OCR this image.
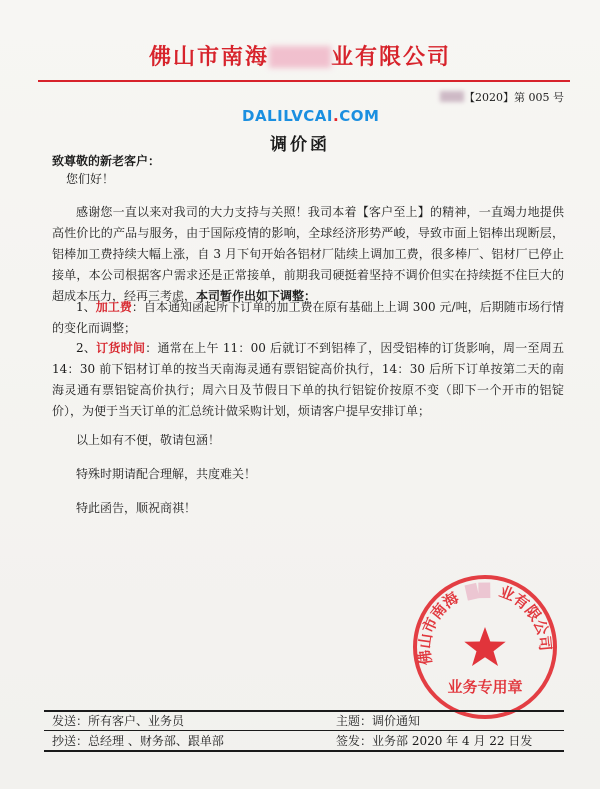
佛山市南海	业有限公司
【2020】第 005 号
DALILVCAI.COM
调价函
致尊敬的新老客户：
您们好！
感谢您一直以来对我司的大力支持与关照！我司本着【客户至上】的精神，一直竭力地提供高性价比的产品与服务，由于国际疫情的影响，全球经济形势严峻，导致市面上铝棒出现断层，铝棒加工费持续大幅上涨，自 3 月下旬开始各铝材厂陆续上调加工费，很多棒厂、铝材厂已停止接单，本公司根据客户需求还是正常接单，前期我司硬挺着坚持不调价但实在持续挺不住巨大的超成本压力，经再三考虑，本司暂作出如下调整：
1、加工费：自本通知函起所下订单的加工费在原有基础上上调 300 元/吨，后期随市场行情的变化而调整；
2、订货时间：通常在上午 11：00 后就订不到铝棒了，因受铝棒的订货影响，周一至周五 14：30 前下铝材订单的按当天南海灵通有票铝锭高价执行，14：30 后所下订单按第二天的南海灵通有票铝锭高价执行；周六日及节假日下单的执行铝锭价按原不变（即下一个开市的铝锭价），为便于当天订单的汇总统计做采购计划，烦请客户提早安排订单；
以上如有不便，敬请包涵！
特殊时期请配合理解，共度难关！
特此函告，顺祝商祺！
佛山市南海 ▇▇ 业有限公司
业务专用章
发送：所有客户、业务员
抄送：总经理 、财务部、跟单部
主题：调价通知
签发：业务部 2020 年 4 月 22 日发
